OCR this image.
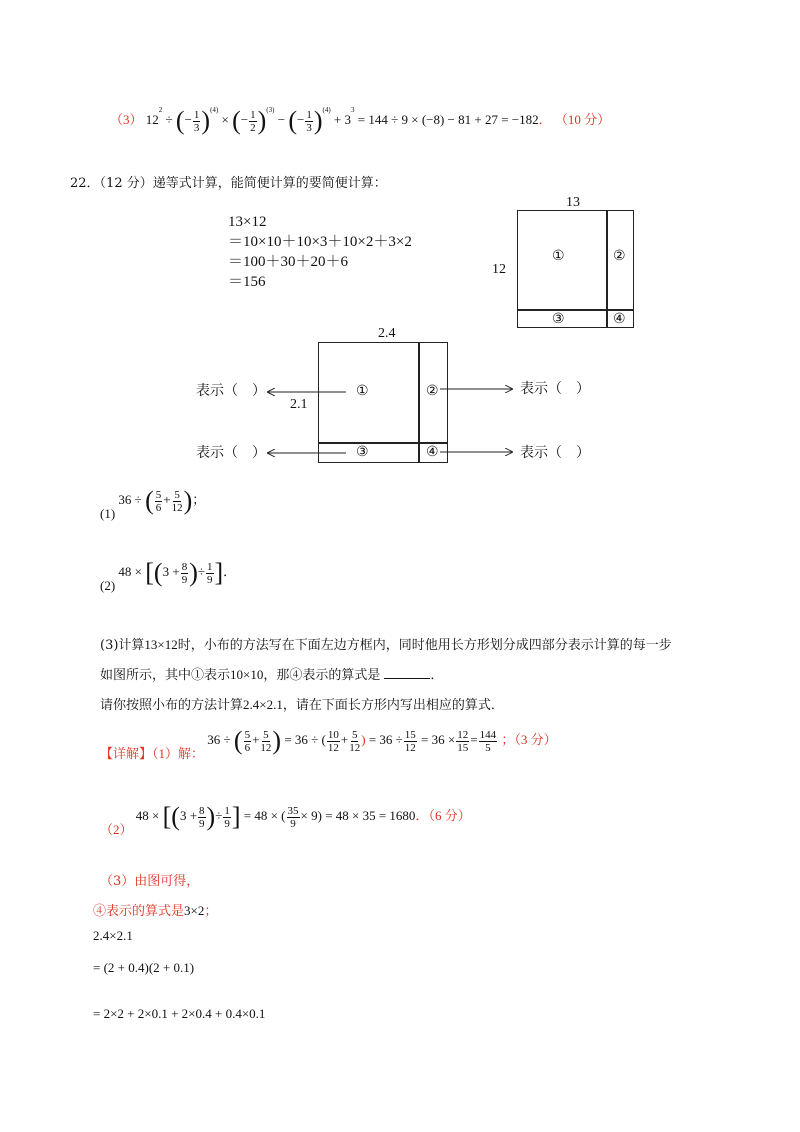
（3） $12^2$ ÷ (− $\frac{1}{3} )^{(4)}$ × (− $\frac{1}{2} )^{(3)}$ − (− $\frac{1}{3} )^{(4)} + 3^3 = 144 \div 9 \times (-8) - 81 + 27 = -182$． （10 分）
22．（12 分）递等式计算，能简便计算的要简便计算：
13×12
＝10×10＋10×3＋10×2＋3×2
＝100＋30＋20＋6
＝156
13
12
①	②
③	④
2.4
2.1
①	②
③	④
表示（　）	表示（　）
表示（　）	表示（　）
(1) 36 ÷ ( $\frac{5}{6} + \frac{5}{12}$ )；
(2) $48 \times [(3 + \frac{8}{9}$ )÷ $\frac{1}{9}$ ]．
(3)计算13×12时，小布的方法写在下面左边方框内，同时他用长方形划分成四部分表示计算的每一步
如图所示，其中①表示10×10，那④表示的算式是	．
请你按照小布的方法计算2.4×2.1，请在下面长方形内写出相应的算式．
【详解】（1）解： 36 ÷ ( $\frac{5}{6} + \frac{5}{12}$ ) = 36 ÷ ( $\frac{10}{12} + \frac{5}{12}$ ) = $36 \div \frac{15}{12} = 36 \times \frac{12}{15} = \frac{144}{5}$ ；（3 分）
（2） $48 \times [(3 + \frac{8}{9}$ )÷ $\frac{1}{9}$ ] = 48 × ( $\frac{35}{9} \times 9) = 48 \times 35 = 1680$．（6 分）
（3）由图可得，
④表示的算式是3×2；
2.4×2.1
= (2 + 0.4)(2 + 0.1)
= 2×2 + 2×0.1 + 2×0.4 + 0.4×0.1
